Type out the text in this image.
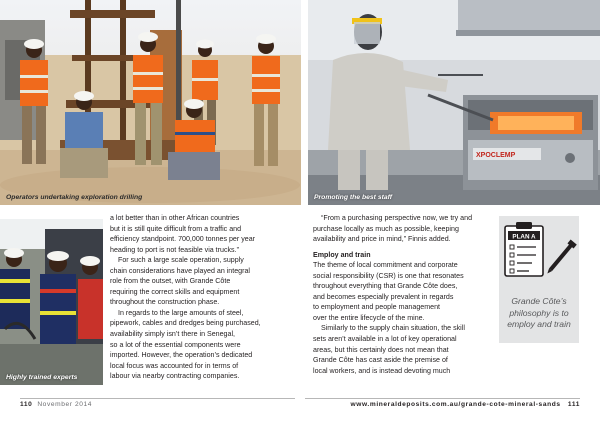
Operators undertaking exploration drilling
XPOCLEMP
Promoting the best staff
Highly trained experts

a lot better than in other African countries
but it is still quite difficult from a traffic and
efficiency standpoint. 700,000 tonnes per year
heading to port is not feasible via trucks.”

For such a large scale operation, supply
chain considerations have played an integral
role from the outset, with Grande Côte
requiring the correct skills and equipment
throughout the construction phase.

In regards to the large amounts of steel,
pipework, cables and dredges being purchased,
availability simply isn’t there in Senegal,
so a lot of the essential components were
imported. However, the operation’s dedicated
local focus was accounted for in terms of
labour via nearby contracting companies.

“From a purchasing perspective now, we try and
purchase locally as much as possible, keeping
availability and price in mind,” Finnis added.

Employ and train

The theme of local commitment and corporate
social responsibility (CSR) is one that resonates
throughout everything that Grande Côte does,
and becomes especially prevalent in regards
to employment and people management
over the entire lifecycle of the mine.

Similarly to the supply chain situation, the skill
sets aren’t available in a lot of key operational
areas, but this certainly does not mean that
Grande Côte has cast aside the premise of
local workers, and is instead devoting much

PLAN A
Grande Côte’s
philosophy is to
employ and train
110 November 2014	www.mineraldeposits.com.au/grande-cote-mineral-sands 111
